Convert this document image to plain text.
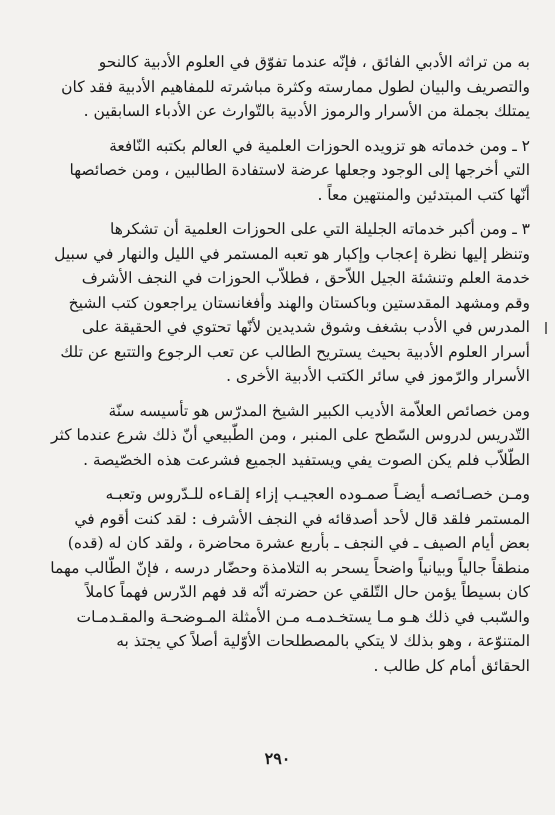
به من تراثه الأدبي الفائق ، فإنّه عندما تفوّق في العلوم الأدبية كالنحو
والتصريف والبيان لطول ممارسته وكثرة مباشرته للمفاهيم الأدبية فقد كان
يمتلك بجملة من الأسرار والرموز الأدبية بالتّوارث عن الأدباء السابقين .
٢ ـ ومن خدماته هو تزويده الحوزات العلمية في العالم بكتبه النّافعة
التي أخرجها إلى الوجود وجعلها عرضة لاستفادة الطالبين ، ومن خصائصها
أنّها كتب المبتدئين والمنتهين معاً .
٣ ـ ومن أكبر خدماته الجليلة التي على الحوزات العلمية أن تشكرها
وتنظر إليها نظرة إعجاب وإكبار هو تعبه المستمر في الليل والنهار في سبيل
خدمة العلم وتنشئة الجيل اللاّحق ، فطلاّب الحوزات في النجف الأشرف
وقم ومشهد المقدستين وباكستان والهند وأفغانستان يراجعون كتب الشيخ
المدرس في الأدب بشغف وشوق شديدين لأنّها تحتوي في الحقيقة على
أسرار العلوم الأدبية بحيث يستريح الطالب عن تعب الرجوع والتتبع عن تلك
الأسرار والرّموز في سائر الكتب الأدبية الأخرى .
ومن خصائص العلاّمة الأديب الكبير الشيخ المدرّس هو تأسيسه سنّة
التّدريس لدروس السّطح على المنبر ، ومن الطّبيعي أنّ ذلك شرع عندما كثر
الطّلاّب فلم يكن الصوت يفي ويستفيد الجميع فشرعت هذه الخصّيصة .
ومـن خصـائصـه أيضـاً صمـوده العجيـب إزاء إلقـاءه للـدّروس وتعبـه
المستمر فلقد قال لأحد أصدقائه في النجف الأشرف : لقد كنت أقوم في
بعض أيام الصيف ـ في النجف ـ بأربع عشرة محاضرة ، ولقد كان له (قده)
منطقاً جالياً وبيانياً واضحاً يسحر به التلامذة وحضّار درسه ، فإنّ الطّالب مهما
كان بسيطاً يؤمن حال التّلقي عن حضرته أنّه قد فهم الدّرس فهماً كاملاً
والسّبب في ذلك هـو مـا يستخـدمـه مـن الأمثلة المـوضحـة والمقـدمـات
المتنوّعة ، وهو بذلك لا يتكي بالمصطلحات الأوّلية أصلاً كي يجتذ به
الحقائق أمام كل طالب .
٢٩٠
